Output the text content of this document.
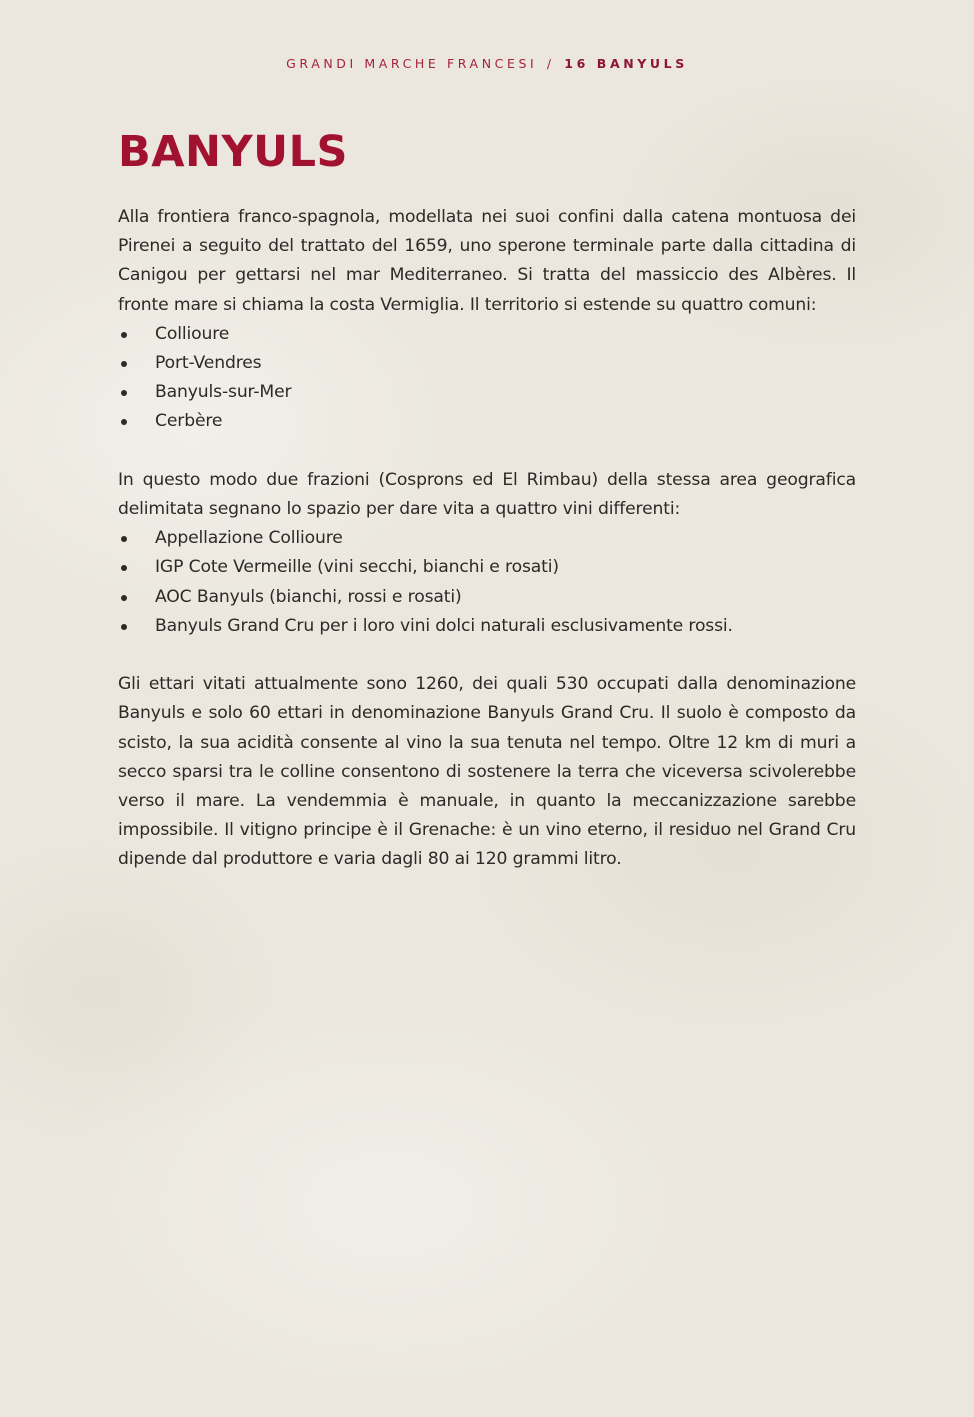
GRANDI MARCHE FRANCESI / 16 BANYULS
BANYULS

Alla frontiera franco-spagnola, modellata nei suoi confini dalla catena montuosa dei Pirenei a seguito del trattato del 1659, uno sperone terminale parte dalla cittadina di Canigou per gettarsi nel mar Mediterraneo. Si tratta del massiccio des Albères. Il fronte mare si chiama la costa Vermiglia. Il territorio si estende su quattro comuni:

Collioure
Port-Vendres
Banyuls-sur-Mer
Cerbère

In questo modo due frazioni (Cosprons ed El Rimbau) della stessa area geografica delimitata segnano lo spazio per dare vita a quattro vini differenti:

Appellazione Collioure
IGP Cote Vermeille (vini secchi, bianchi e rosati)
AOC Banyuls (bianchi, rossi e rosati)
Banyuls Grand Cru per i loro vini dolci naturali esclusivamente rossi.

Gli ettari vitati attualmente sono 1260, dei quali 530 occupati dalla denominazione Banyuls e solo 60 ettari in denominazione Banyuls Grand Cru. Il suolo è composto da scisto, la sua acidità consente al vino la sua tenuta nel tempo. Oltre 12 km di muri a secco sparsi tra le colline consentono di sostenere la terra che viceversa scivolerebbe verso il mare. La vendemmia è manuale, in quanto la meccanizzazione sarebbe impossibile. Il vitigno principe è il Grenache: è un vino eterno, il residuo nel Grand Cru dipende dal produttore e varia dagli 80 ai 120 grammi litro.
